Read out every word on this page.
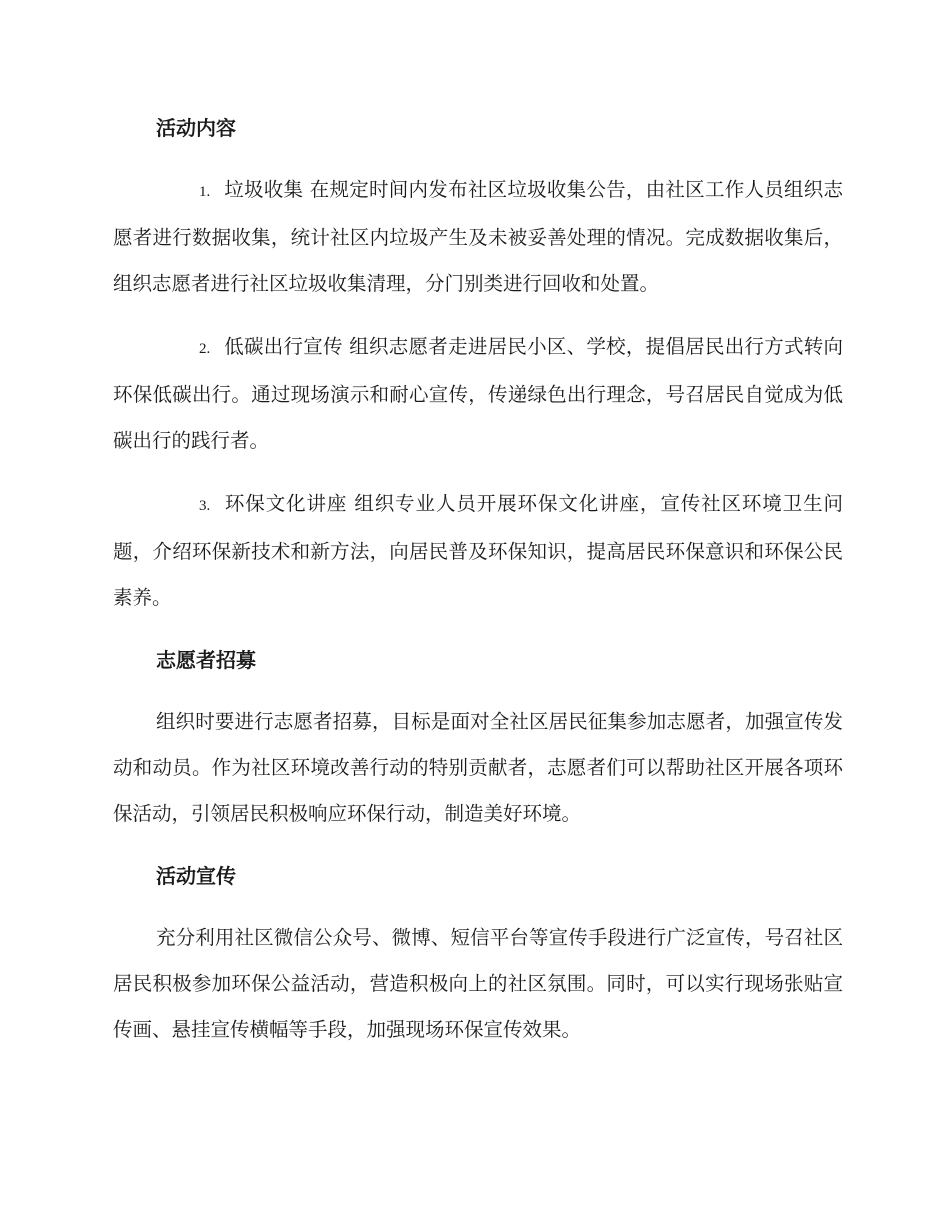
活动内容

1. 垃圾收集 在规定时间内发布社区垃圾收集公告，由社区工作人员组织志愿者进行数据收集，统计社区内垃圾产生及未被妥善处理的情况。完成数据收集后，组织志愿者进行社区垃圾收集清理，分门别类进行回收和处置。

2. 低碳出行宣传 组织志愿者走进居民小区、学校，提倡居民出行方式转向环保低碳出行。通过现场演示和耐心宣传，传递绿色出行理念，号召居民自觉成为低碳出行的践行者。

3. 环保文化讲座 组织专业人员开展环保文化讲座，宣传社区环境卫生问题，介绍环保新技术和新方法，向居民普及环保知识，提高居民环保意识和环保公民素养。

志愿者招募

组织时要进行志愿者招募，目标是面对全社区居民征集参加志愿者，加强宣传发动和动员。作为社区环境改善行动的特别贡献者，志愿者们可以帮助社区开展各项环保活动，引领居民积极响应环保行动，制造美好环境。

活动宣传

充分利用社区微信公众号、微博、短信平台等宣传手段进行广泛宣传，号召社区居民积极参加环保公益活动，营造积极向上的社区氛围。同时，可以实行现场张贴宣传画、悬挂宣传横幅等手段，加强现场环保宣传效果。
